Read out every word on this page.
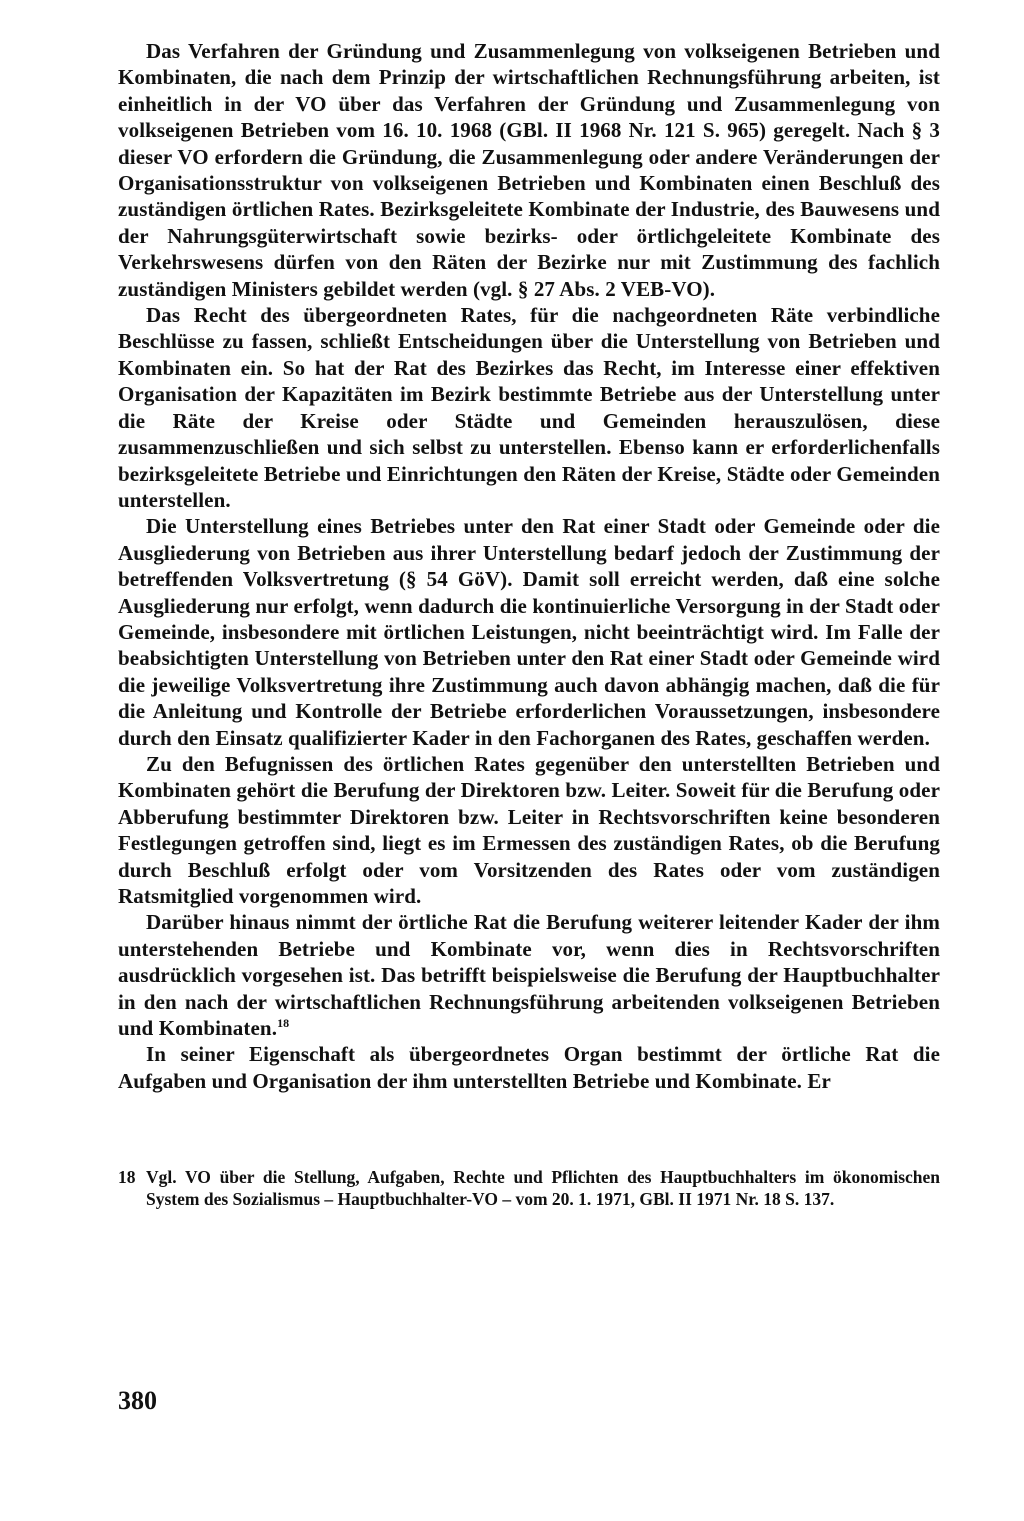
Das Verfahren der Gründung und Zusammenlegung von volkseigenen Betrieben und Kombinaten, die nach dem Prinzip der wirtschaftlichen Rechnungsführung arbeiten, ist einheitlich in der VO über das Verfahren der Gründung und Zusammenlegung von volkseigenen Betrieben vom 16. 10. 1968 (GBl. II 1968 Nr. 121 S. 965) geregelt. Nach § 3 dieser VO erfordern die Gründung, die Zusammenlegung oder andere Veränderungen der Organisationsstruktur von volkseigenen Betrieben und Kombinaten einen Beschluß des zuständigen örtlichen Rates. Bezirksgeleitete Kombinate der Industrie, des Bauwesens und der Nahrungsgüterwirtschaft sowie bezirks- oder örtlichgeleitete Kombinate des Verkehrswesens dürfen von den Räten der Bezirke nur mit Zustimmung des fachlich zuständigen Ministers gebildet werden (vgl. § 27 Abs. 2 VEB-VO).

Das Recht des übergeordneten Rates, für die nachgeordneten Räte verbindliche Beschlüsse zu fassen, schließt Entscheidungen über die Unterstellung von Betrieben und Kombinaten ein. So hat der Rat des Bezirkes das Recht, im Interesse einer effektiven Organisation der Kapazitäten im Bezirk bestimmte Betriebe aus der Unterstellung unter die Räte der Kreise oder Städte und Gemeinden herauszulösen, diese zusammenzuschließen und sich selbst zu unterstellen. Ebenso kann er erforderlichenfalls bezirksgeleitete Betriebe und Einrichtungen den Räten der Kreise, Städte oder Gemeinden unterstellen.

Die Unterstellung eines Betriebes unter den Rat einer Stadt oder Gemeinde oder die Ausgliederung von Betrieben aus ihrer Unterstellung bedarf jedoch der Zustimmung der betreffenden Volksvertretung (§ 54 GöV). Damit soll erreicht werden, daß eine solche Ausgliederung nur erfolgt, wenn dadurch die kontinuierliche Versorgung in der Stadt oder Gemeinde, insbesondere mit örtlichen Leistungen, nicht beeinträchtigt wird. Im Falle der beabsichtigten Unterstellung von Betrieben unter den Rat einer Stadt oder Gemeinde wird die jeweilige Volksvertretung ihre Zustimmung auch davon abhängig machen, daß die für die Anleitung und Kontrolle der Betriebe erforderlichen Voraussetzungen, insbesondere durch den Einsatz qualifizierter Kader in den Fachorganen des Rates, geschaffen werden.

Zu den Befugnissen des örtlichen Rates gegenüber den unterstellten Betrieben und Kombinaten gehört die Berufung der Direktoren bzw. Leiter. Soweit für die Berufung oder Abberufung bestimmter Direktoren bzw. Leiter in Rechtsvorschriften keine besonderen Festlegungen getroffen sind, liegt es im Ermessen des zuständigen Rates, ob die Berufung durch Beschluß erfolgt oder vom Vorsitzenden des Rates oder vom zuständigen Ratsmitglied vorgenommen wird.

Darüber hinaus nimmt der örtliche Rat die Berufung weiterer leitender Kader der ihm unterstehenden Betriebe und Kombinate vor, wenn dies in Rechtsvorschriften ausdrücklich vorgesehen ist. Das betrifft beispielsweise die Berufung der Hauptbuchhalter in den nach der wirtschaftlichen Rechnungsführung arbeitenden volkseigenen Betrieben und Kombinaten.$^{18}$

In seiner Eigenschaft als übergeordnetes Organ bestimmt der örtliche Rat die Aufgaben und Organisation der ihm unterstellten Betriebe und Kombinate. Er

18 Vgl. VO über die Stellung, Aufgaben, Rechte und Pflichten des Hauptbuchhalters im ökonomischen System des Sozialismus – Hauptbuchhalter-VO – vom 20. 1. 1971, GBl. II 1971 Nr. 18 S. 137.
380
